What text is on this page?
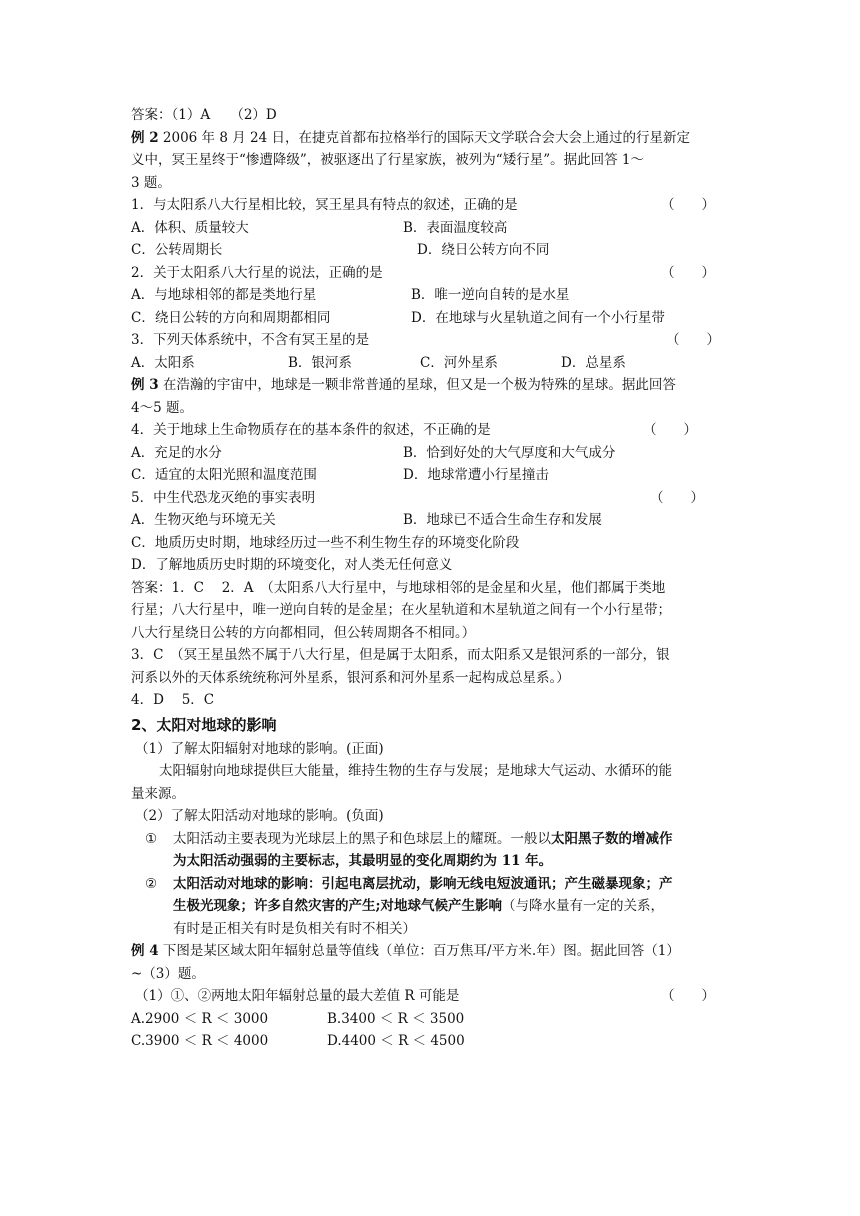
答案：（1）A　　（2）D
例 2 2006 年 8 月 24 日，在捷克首都布拉格举行的国际天文学联合会大会上通过的行星新定
义中，冥王星终于“惨遭降级”，被驱逐出了行星家族，被列为“矮行星”。据此回答 1～
3 题。
1．与太阳系八大行星相比较，冥王星具有特点的叙述，正确的是	（　　）
A．体积、质量较大	B．表面温度较高
C．公转周期长	D．绕日公转方向不同
2．关于太阳系八大行星的说法，正确的是	（　　）
A．与地球相邻的都是类地行星	B．唯一逆向自转的是水星
C．绕日公转的方向和周期都相同	D．在地球与火星轨道之间有一个小行星带
3．下列天体系统中，不含有冥王星的是	（　　）
A．太阳系	B．银河系	C．河外星系	D．总星系
例 3 在浩瀚的宇宙中，地球是一颗非常普通的星球，但又是一个极为特殊的星球。据此回答
4～5 题。
4．关于地球上生命物质存在的基本条件的叙述，不正确的是	（　　）
A．充足的水分	B．恰到好处的大气厚度和大气成分
C．适宜的太阳光照和温度范围	D．地球常遭小行星撞击
5．中生代恐龙灭绝的事实表明	（　　）
A．生物灭绝与环境无关	B．地球已不适合生命生存和发展
C．地质历史时期，地球经历过一些不利生物生存的环境变化阶段
D．了解地质历史时期的环境变化，对人类无任何意义
答案：1．C　 2．A　（太阳系八大行星中，与地球相邻的是金星和火星，他们都属于类地
行星；八大行星中，唯一逆向自转的是金星；在火星轨道和木星轨道之间有一个小行星带；
八大行星绕日公转的方向都相同，但公转周期各不相同。）
3．C　（冥王星虽然不属于八大行星，但是属于太阳系，而太阳系又是银河系的一部分，银
河系以外的天体系统统称河外星系，银河系和河外星系一起构成总星系。）
4．D　 5．C
2、太阳对地球的影响
（1）了解太阳辐射对地球的影响。(正面)
太阳辐射向地球提供巨大能量，维持生物的生存与发展；是地球大气运动、水循环的能
量来源。
（2）了解太阳活动对地球的影响。(负面)
① 太阳活动主要表现为光球层上的黑子和色球层上的耀斑。一般以太阳黑子数的增减作
为太阳活动强弱的主要标志，其最明显的变化周期约为 11 年。
② 太阳活动对地球的影响：引起电离层扰动，影响无线电短波通讯；产生磁暴现象；产
生极光现象；许多自然灾害的产生;对地球气候产生影响（与降水量有一定的关系，
有时是正相关有时是负相关有时不相关）
例 4 下图是某区域太阳年辐射总量等值线（单位：百万焦耳/平方米.年）图。据此回答（1）
~（3）题。
（1）①、②两地太阳年辐射总量的最大差值 R 可能是	（　　）
A.2900 ＜ R ＜ 3000	B.3400 ＜ R ＜ 3500
C.3900 ＜ R ＜ 4000	D.4400 ＜ R ＜ 4500
